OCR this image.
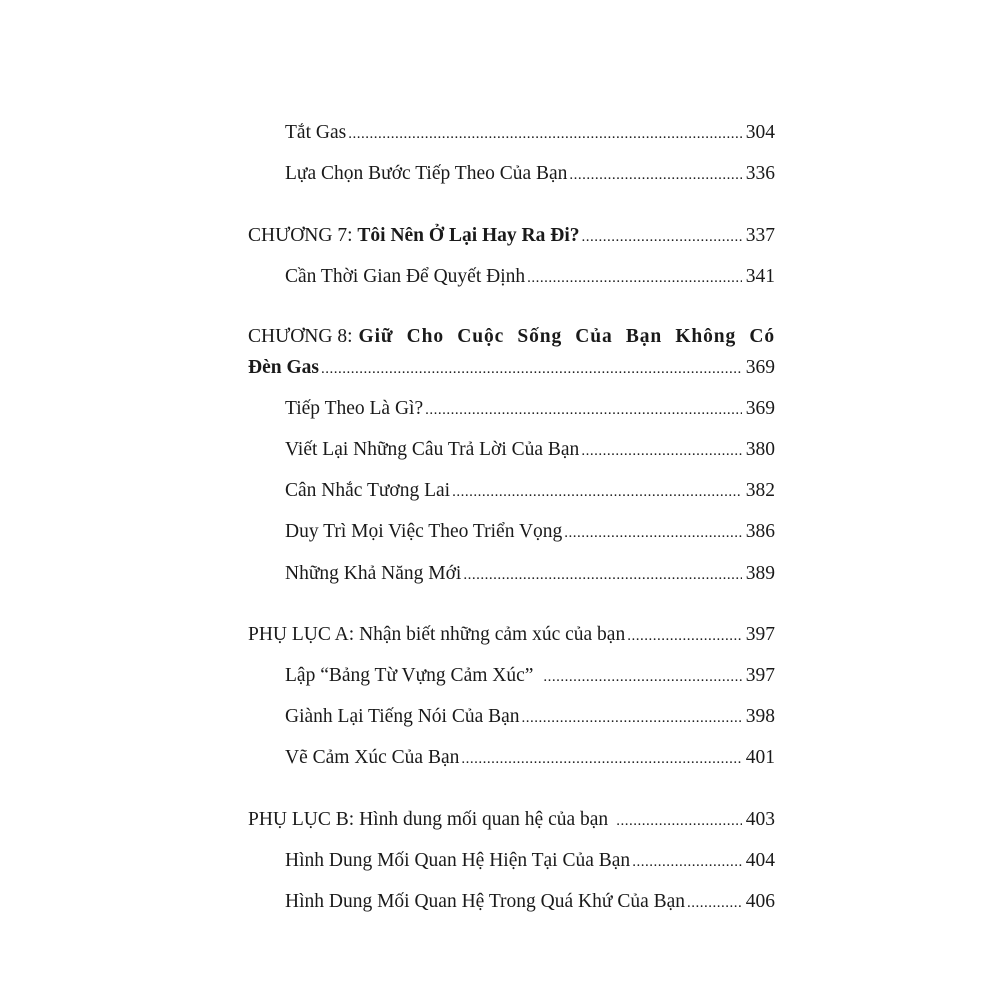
Tắt Gas .....	304
Lựa Chọn Bước Tiếp Theo Của Bạn .....	336
CHƯƠNG 7: Tôi Nên Ở Lại Hay Ra Đi? .....	337
Cần Thời Gian Để Quyết Định .....	341
CHƯƠNG 8: Giữ Cho Cuộc Sống Của Bạn Không Có
Đèn Gas .....	369
Tiếp Theo Là Gì? .....	369
Viết Lại Những Câu Trả Lời Của Bạn .....	380
Cân Nhắc Tương Lai .....	382
Duy Trì Mọi Việc Theo Triển Vọng .....	386
Những Khả Năng Mới .....	389
PHỤ LỤC A: Nhận biết những cảm xúc của bạn .....	397
Lập “Bảng Từ Vựng Cảm Xúc” .....	397
Giành Lại Tiếng Nói Của Bạn .....	398
Vẽ Cảm Xúc Của Bạn .....	401
PHỤ LỤC B: Hình dung mối quan hệ của bạn .....	403
Hình Dung Mối Quan Hệ Hiện Tại Của Bạn .....	404
Hình Dung Mối Quan Hệ Trong Quá Khứ Của Bạn .....	406
